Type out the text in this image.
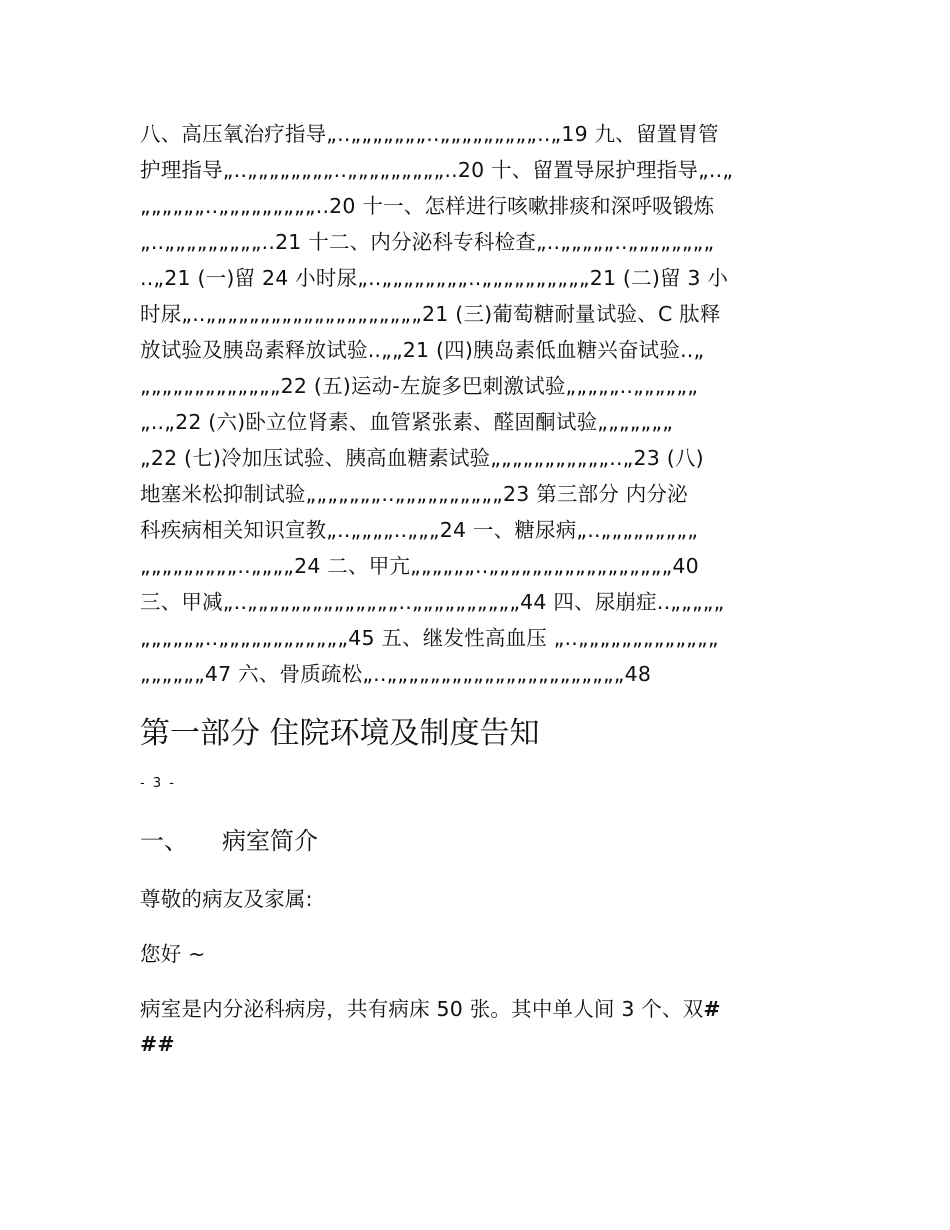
八、高压氧治疗指导„..„„„„„„„..„„„„„„„„„..„19 九、留置胃管
护理指导„..„„„„„„„„..„„„„„„„„„..20 十、留置导尿护理指导„..„
„„„„„„..„„„„„„„„„..20 十一、怎样进行咳嗽排痰和深呼吸锻炼
„..„„„„„„„„„..21 十二、内分泌科专科检查„..„„„„„..„„„„„„„„
..„21 (一)留 24 小时尿„..„„„„„„„„..„„„„„„„„„„21 (二)留 3 小
时尿„..„„„„„„„„„„„„„„„„„„„„21 (三)葡萄糖耐量试验、C 肽释
放试验及胰岛素释放试验..„„21 (四)胰岛素低血糖兴奋试验..„
„„„„„„„„„„„„„22 (五)运动-左旋多巴刺激试验„„„„„..„„„„„„
„..„22 (六)卧立位肾素、血管紧张素、醛固酮试验„„„„„„„
„22 (七)冷加压试验、胰高血糖素试验„„„„„„„„„„„..„23 (八)
地塞米松抑制试验„„„„„„„..„„„„„„„„„„23 第三部分 内分泌
科疾病相关知识宣教„..„„„„..„„„24 一、糖尿病„..„„„„„„„„„
„„„„„„„„„..„„„„24 二、甲亢„„„„„„..„„„„„„„„„„„„„„„„„40
三、甲减„..„„„„„„„„„„„„„„..„„„„„„„„„„44 四、尿崩症..„„„„„
„„„„„„..„„„„„„„„„„„„45 五、继发性高血压 „..„„„„„„„„„„„„„
„„„„„„47 六、骨质疏松„..„„„„„„„„„„„„„„„„„„„„„„48
第一部分 住院环境及制度告知
- 3 -
一、 病室简介
尊敬的病友及家属:
您好 ~
病室是内分泌科病房，共有病床 50 张。其中单人间 3 个、双#
##
